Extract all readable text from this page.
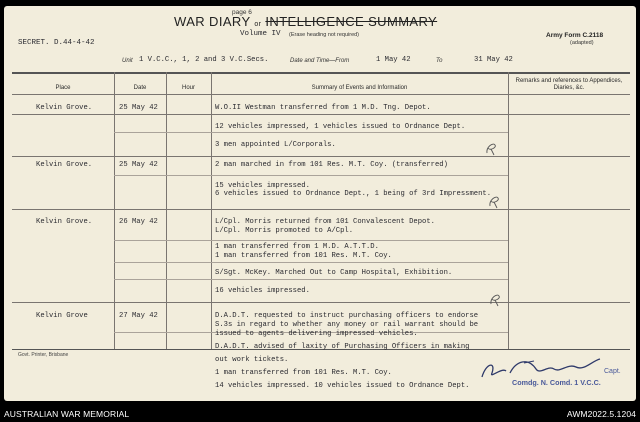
page 6
WAR DIARY or INTELLIGENCE SUMMARY
Volume IV (Erase heading not required)
SECRET. D.44-4-42
Army Form C.2118
(adapted)
Unit 1 V.C.C., 1, 2 and 3 V.C.Secs.	Date and Time—From	1 May 42	To	31 May 42
Place	Date	Hour	Summary of Events and Information
Remarks and references to Appendices, Diaries, &c.
Kelvin Grove.	25 May 42	W.O.II Westman transferred from 1 M.D. Tng. Depot.
12 vehicles impressed, 1 vehicles issued to Ordnance Dept.
3 men appointed L/Corporals.
Kelvin Grove.	25 May 42	2 man marched in from 101 Res. M.T. Coy. (transferred)
15 vehicles impressed.
6 vehicles issued to Ordnance Dept., 1 being of 3rd Impressment.
Kelvin Grove.	26 May 42	L/Cpl. Morris returned from 101 Convalescent Depot.
L/Cpl. Morris promoted to A/Cpl.
1 man transferred from 1 M.D. A.T.T.D.
1 man transferred from 101 Res. M.T. Coy.
S/Sgt. McKey. Marched Out to Camp Hospital, Exhibition.
16 vehicles impressed.
Kelvin Grove	27 May 42	D.A.D.T. requested to instruct purchasing officers to endorse
S.3s in regard to whether any money or rail warrant should be
issued to agents delivering impressed vehicles.
D.A.D.T. advised of laxity of Purchasing Officers in making
out work tickets.
1 man transferred from 101 Res. M.T. Coy.
14 vehicles impressed. 10 vehicles issued to Ordnance Dept.
Govt. Printer, Brisbane
Capt.
Comdg. N. Comd. 1 V.C.C.
AUSTRALIAN WAR MEMORIAL	AWM2022.5.1204
